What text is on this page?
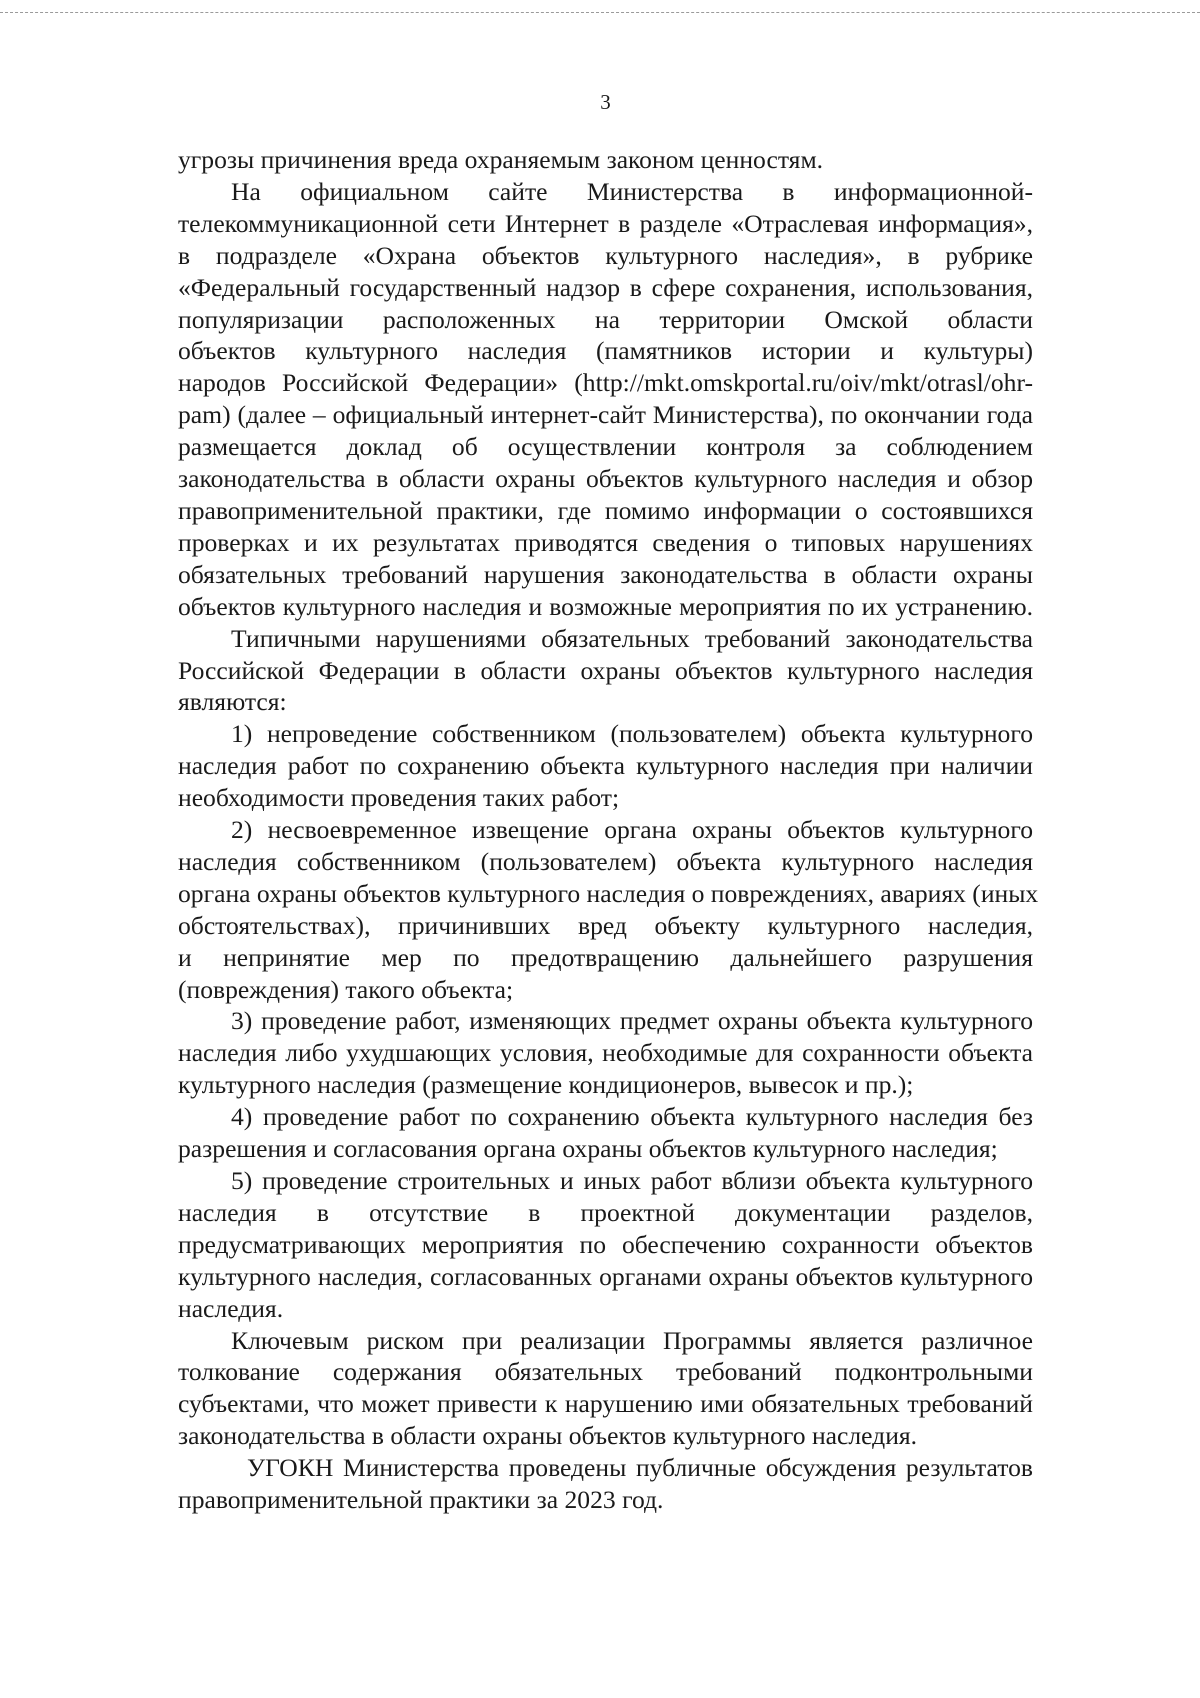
3

угрозы причинения вреда охраняемым законом ценностям.

На официальном сайте Министерства в информационной-
телекоммуникационной сети Интернет в разделе «Отраслевая информация»,
в подразделе «Охрана объектов культурного наследия», в рубрике
«Федеральный государственный надзор в сфере сохранения, использования,
популяризации расположенных на территории Омской области
объектов культурного наследия (памятников истории и культуры)
народов Российской Федерации» (http://mkt.omskportal.ru/oiv/mkt/otrasl/ohr-
pam) (далее – официальный интернет-сайт Министерства), по окончании года
размещается доклад об осуществлении контроля за соблюдением
законодательства в области охраны объектов культурного наследия и обзор
правоприменительной практики, где помимо информации о состоявшихся
проверках и их результатах приводятся сведения о типовых нарушениях
обязательных требований нарушения законодательства в области охраны
объектов культурного наследия и возможные мероприятия по их устранению.

Типичными нарушениями обязательных требований законодательства
Российской Федерации в области охраны объектов культурного наследия
являются:

1) непроведение собственником (пользователем) объекта культурного
наследия работ по сохранению объекта культурного наследия при наличии
необходимости проведения таких работ;

2) несвоевременное извещение органа охраны объектов культурного
наследия собственником (пользователем) объекта культурного наследия
органа охраны объектов культурного наследия о повреждениях, авариях (иных
обстоятельствах), причинивших вред объекту культурного наследия,
и непринятие мер по предотвращению дальнейшего разрушения
(повреждения) такого объекта;

3) проведение работ, изменяющих предмет охраны объекта культурного
наследия либо ухудшающих условия, необходимые для сохранности объекта
культурного наследия (размещение кондиционеров, вывесок и пр.);

4) проведение работ по сохранению объекта культурного наследия без
разрешения и согласования органа охраны объектов культурного наследия;

5) проведение строительных и иных работ вблизи объекта культурного
наследия в отсутствие в проектной документации разделов,
предусматривающих мероприятия по обеспечению сохранности объектов
культурного наследия, согласованных органами охраны объектов культурного
наследия.

Ключевым риском при реализации Программы является различное
толкование содержания обязательных требований подконтрольными
субъектами, что может привести к нарушению ими обязательных требований
законодательства в области охраны объектов культурного наследия.

УГОКН Министерства проведены публичные обсуждения результатов
правоприменительной практики за 2023 год.
